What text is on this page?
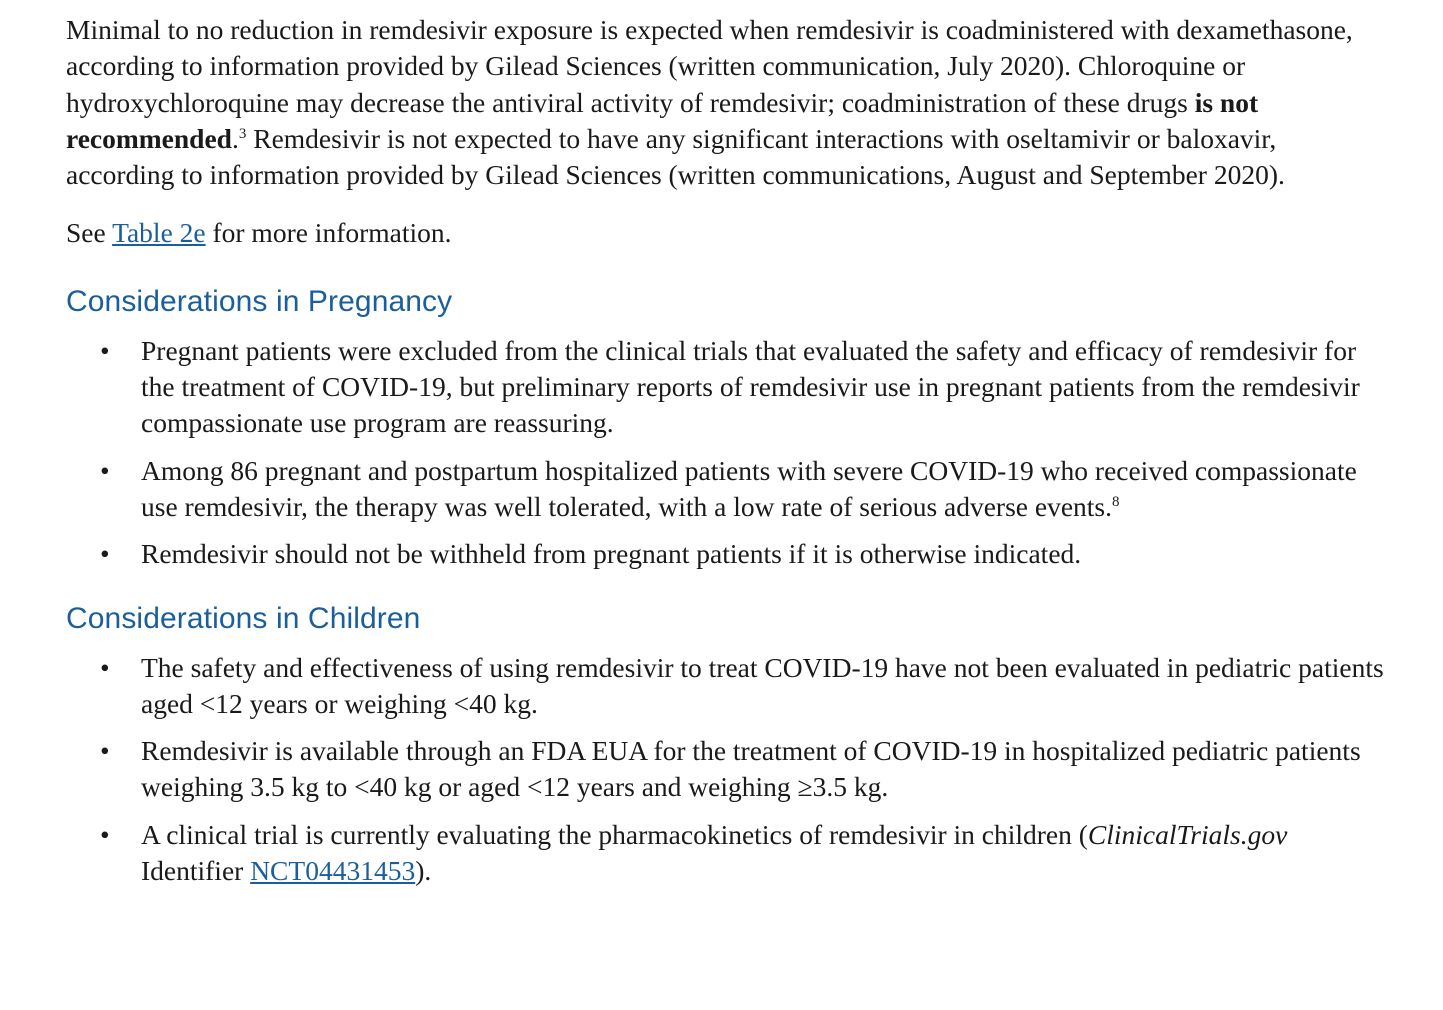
Minimal to no reduction in remdesivir exposure is expected when remdesivir is coadministered with dexamethasone, according to information provided by Gilead Sciences (written communication, July 2020). Chloroquine or hydroxychloroquine may decrease the antiviral activity of remdesivir; coadministration of these drugs is not recommended.$^3$ Remdesivir is not expected to have any significant interactions with oseltamivir or baloxavir, according to information provided by Gilead Sciences (written communications, August and September 2020).

See Table 2e for more information.

Considerations in Pregnancy
• Pregnant patients were excluded from the clinical trials that evaluated the safety and efficacy of remdesivir for the treatment of COVID-19, but preliminary reports of remdesivir use in pregnant patients from the remdesivir compassionate use program are reassuring.
• Among 86 pregnant and postpartum hospitalized patients with severe COVID-19 who received compassionate use remdesivir, the therapy was well tolerated, with a low rate of serious adverse events.$^8$
• Remdesivir should not be withheld from pregnant patients if it is otherwise indicated.
Considerations in Children
• The safety and effectiveness of using remdesivir to treat COVID-19 have not been evaluated in pediatric patients aged <12 years or weighing <40 kg.
• Remdesivir is available through an FDA EUA for the treatment of COVID-19 in hospitalized pediatric patients weighing 3.5 kg to <40 kg or aged <12 years and weighing ≥3.5 kg.
• A clinical trial is currently evaluating the pharmacokinetics of remdesivir in children (ClinicalTrials.gov Identifier NCT04431453).
